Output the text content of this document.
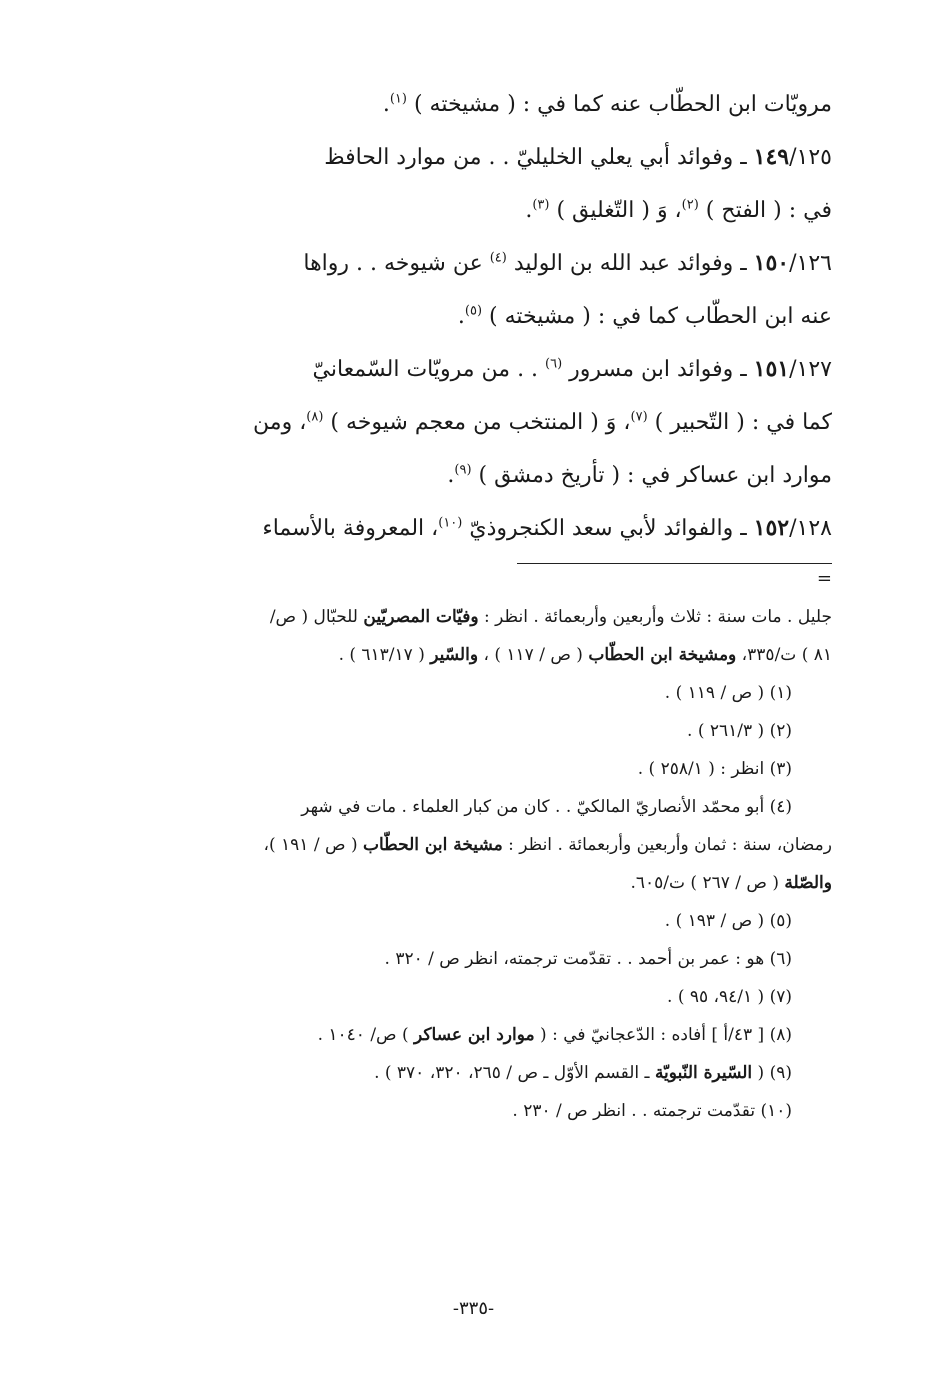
مرويّات ابن الحطّاب عنه كما في : ( مشيخته ) $^{(١)}$.

١٤٩/١٢٥ ـ وفوائد أبي يعلي الخليليّ . . من موارد الحافظ

في : ( الفتح ) $^{(٢)}$، وَ ( التّغليق ) $^{(٣)}$.

١٥٠/١٢٦ ـ وفوائد عبد الله بن الوليد $^{(٤)}$ عن شيوخه . . رواها

عنه ابن الحطّاب كما في : ( مشيخته ) $^{(٥)}$.

١٥١/١٢٧ ـ وفوائد ابن مسرور $^{(٦)}$ . . من مرويّات السّمعانيّ

كما في : ( التّحبير ) $^{(٧)}$، وَ ( المنتخب من معجم شيوخه ) $^{(٨)}$، ومن

موارد ابن عساكر في : ( تأريخ دمشق ) $^{(٩)}$.

١٥٢/١٢٨ ـ والفوائد لأبي سعد الكنجروذيّ $^{(١٠)}$، المعروفة بالأسماء

=

جليل . مات سنة : ثلاث وأربعين وأربعمائة . انظر : وفيّات المصريّين للحبّال ( ص/

٨١ ) ت/٣٣٥، ومشيخة ابن الحطّاب ( ص / ١١٧ ) ، والسّير ( ٦١٣/١٧ ) .

(١) ( ص / ١١٩ ) .

(٢) ( ٢٦١/٣ ) .

(٣) انظر : ( ٢٥٨/١ ) .

(٤) أبو محمّد الأنصاريّ المالكيّ . . كان من كبار العلماء . مات في شهر

رمضان، سنة : ثمان وأربعين وأربعمائة . انظر : مشيخة ابن الحطّاب ( ص / ١٩١ )،

والصّلة ( ص / ٢٦٧ ) ت/٦٠٥.

(٥) ( ص / ١٩٣ ) .

(٦) هو : عمر بن أحمد . . تقدّمت ترجمته، انظر ص / ٣٢٠ .

(٧) ( ٩٤/١، ٩٥ ) .

(٨) [ ٤٣/أ ] أفاده : الدّعجانيّ في : ( موارد ابن عساكر ) ص/ ١٠٤٠ .

(٩) ( السّيرة النّبويّة ـ القسم الأوّل ـ ص / ٢٦٥، ٣٢٠، ٣٧٠ ) .

(١٠) تقدّمت ترجمته . . انظر ص / ٢٣٠ .

-٣٣٥-
